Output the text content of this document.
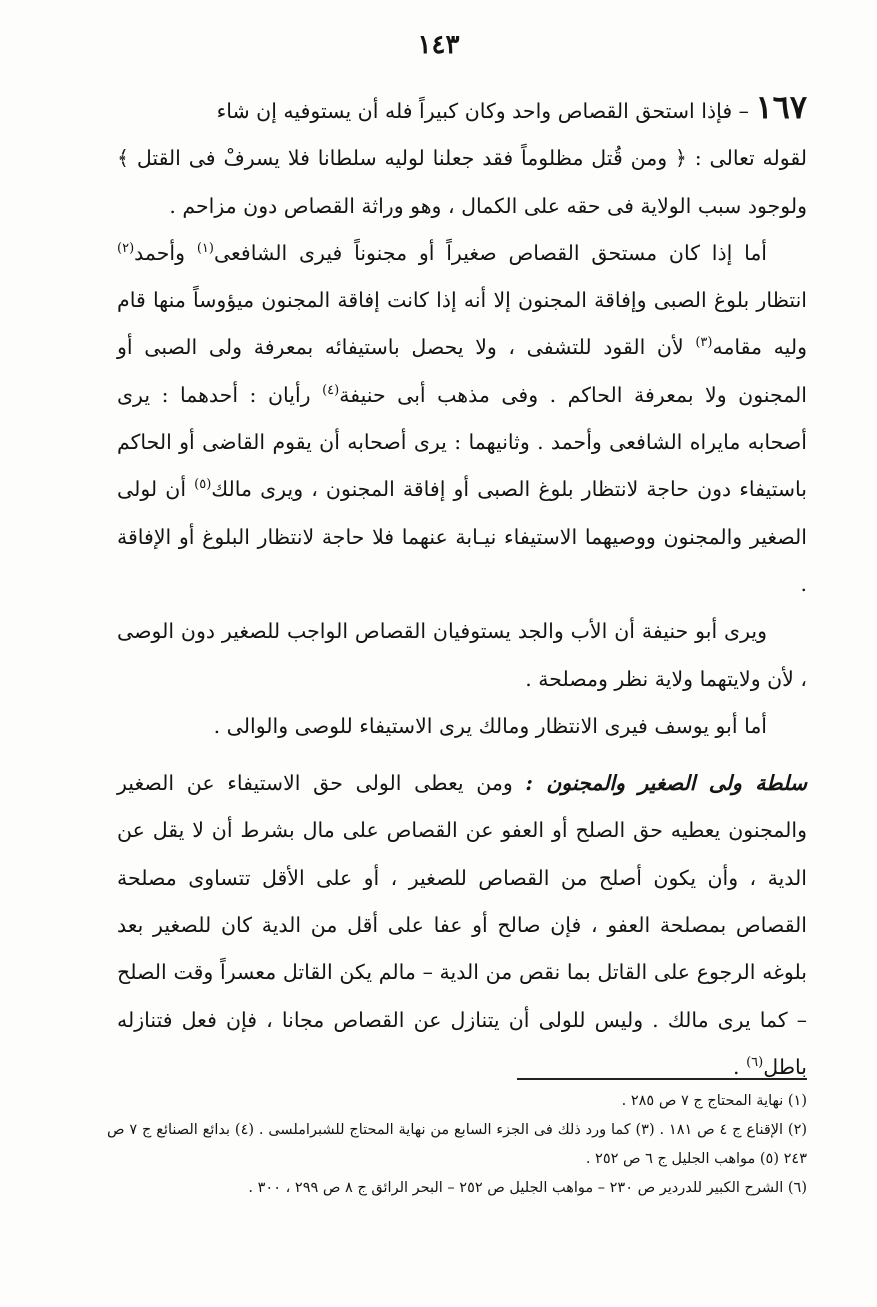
١٤٣

١٦٧ – فإذا استحق القصاص واحد وكان كبيراً فله أن يستوفيه إن شاء

لقوله تعالى : ﴿ ومن قُتل مظلوماً فقد جعلنا لوليه سلطانا فلا يسرفْ فى القتل ﴾ ولوجود سبب الولاية فى حقه على الكمال ، وهو وراثة القصاص دون مزاحم .

أما إذا كان مستحق القصاص صغيراً أو مجنوناً فيرى الشافعى$^{(١)}$ وأحمد$^{(٢)}$ انتظار بلوغ الصبى وإفاقة المجنون إلا أنه إذا كانت إفاقة المجنون ميؤوساً منها قام وليه مقامه$^{(٣)}$ لأن القود للتشفى ، ولا يحصل باستيفائه بمعرفة ولى الصبى أو المجنون ولا بمعرفة الحاكم . وفى مذهب أبى حنيفة$^{(٤)}$ رأيان : أحدهما : يرى أصحابه مايراه الشافعى وأحمد . وثانيهما : يرى أصحابه أن يقوم القاضى أو الحاكم باستيفاء دون حاجة لانتظار بلوغ الصبى أو إفاقة المجنون ، ويرى مالك$^{(٥)}$ أن لولى الصغير والمجنون ووصيهما الاستيفاء نيـابة عنهما فلا حاجة لانتظار البلوغ أو الإفاقة .

ويرى أبو حنيفة أن الأب والجد يستوفيان القصاص الواجب للصغير دون الوصى ، لأن ولايتهما ولاية نظر ومصلحة .

أما أبو يوسف فيرى الانتظار ومالك يرى الاستيفاء للوصى والوالى .

سلطة ولى الصغير والمجنون : ومن يعطى الولى حق الاستيفاء عن الصغير والمجنون يعطيه حق الصلح أو العفو عن القصاص على مال بشرط أن لا يقل عن الدية ، وأن يكون أصلح من القصاص للصغير ، أو على الأقل تتساوى مصلحة القصاص بمصلحة العفو ، فإن صالح أو عفا على أقل من الدية كان للصغير بعد بلوغه الرجوع على القاتل بما نقص من الدية – مالم يكن القاتل معسراً وقت الصلح – كما يرى مالك . وليس للولى أن يتنازل عن القصاص مجانا ، فإن فعل فتنازله باطل$^{(٦)}$ .

(١) نهاية المحتاج ج ٧ ص ٢٨٥ .

(٢) الإقناع ج ٤ ص ١٨١ . (٣) كما ورد ذلك فى الجزء السابع من نهاية المحتاج للشبراملسى . (٤) بدائع الصنائع ج ٧ ص ٢٤٣ (٥) مواهب الجليل ج ٦ ص ٢٥٢ .

(٦) الشرح الكبير للدردير ص ٢٣٠ – مواهب الجليل ص ٢٥٢ – البحر الرائق ج ٨ ص ٢٩٩ ، ٣٠٠ .
